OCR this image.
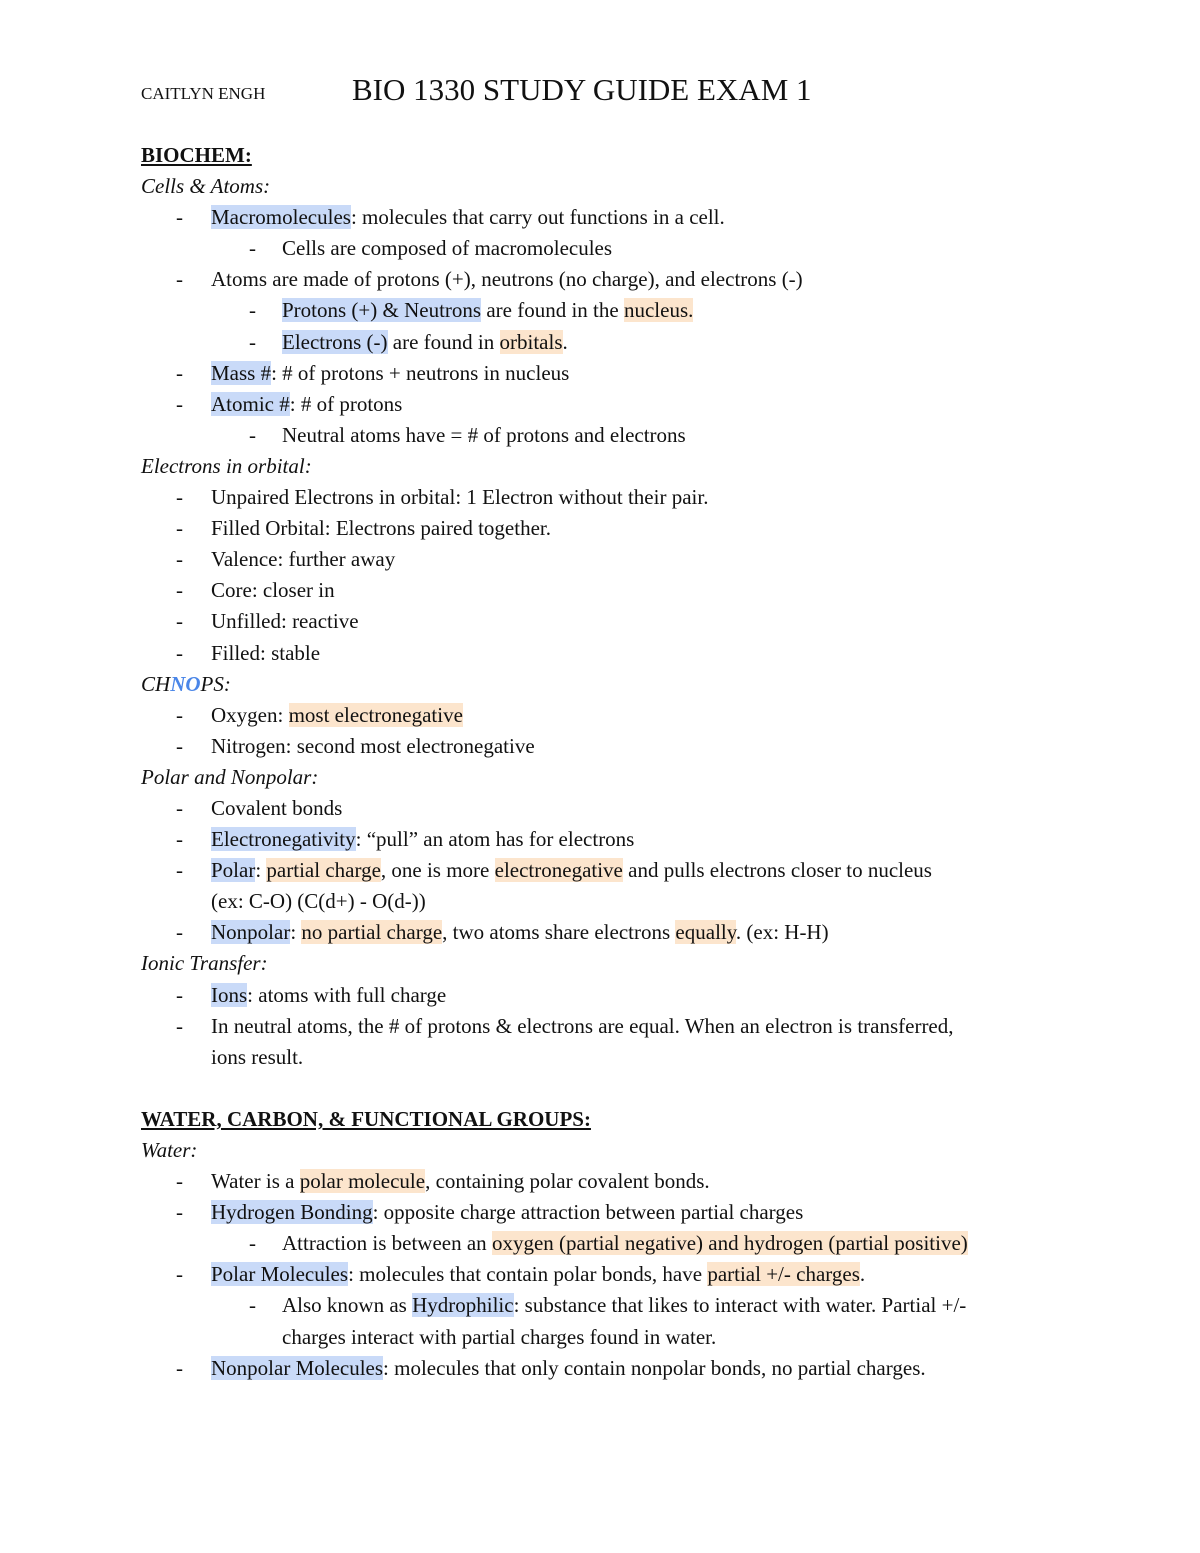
CAITLYN ENGH	BIO 1330 STUDY GUIDE EXAM 1
BIOCHEM:
Cells & Atoms:
- Macromolecules: molecules that carry out functions in a cell.
- Cells are composed of macromolecules
- Atoms are made of protons (+), neutrons (no charge), and electrons (-)
- Protons (+) & Neutrons are found in the nucleus.
- Electrons (-) are found in orbitals.
- Mass #: # of protons + neutrons in nucleus
- Atomic #: # of protons
- Neutral atoms have = # of protons and electrons
Electrons in orbital:
- Unpaired Electrons in orbital: 1 Electron without their pair.
- Filled Orbital: Electrons paired together.
- Valence: further away
- Core: closer in
- Unfilled: reactive
- Filled: stable
CHNOPS:
- Oxygen: most electronegative
- Nitrogen: second most electronegative
Polar and Nonpolar:
- Covalent bonds
- Electronegativity: “pull” an atom has for electrons
- Polar: partial charge, one is more electronegative and pulls electrons closer to nucleus
(ex: C-O) (C(d+) - O(d-))
- Nonpolar: no partial charge, two atoms share electrons equally. (ex: H-H)
Ionic Transfer:
- Ions: atoms with full charge
- In neutral atoms, the # of protons & electrons are equal. When an electron is transferred,
ions result.
WATER, CARBON, & FUNCTIONAL GROUPS:
Water:
- Water is a polar molecule, containing polar covalent bonds.
- Hydrogen Bonding: opposite charge attraction between partial charges
- Attraction is between an oxygen (partial negative) and hydrogen (partial positive)
- Polar Molecules: molecules that contain polar bonds, have partial +/- charges.
- Also known as Hydrophilic: substance that likes to interact with water. Partial +/-
charges interact with partial charges found in water.
- Nonpolar Molecules: molecules that only contain nonpolar bonds, no partial charges.
